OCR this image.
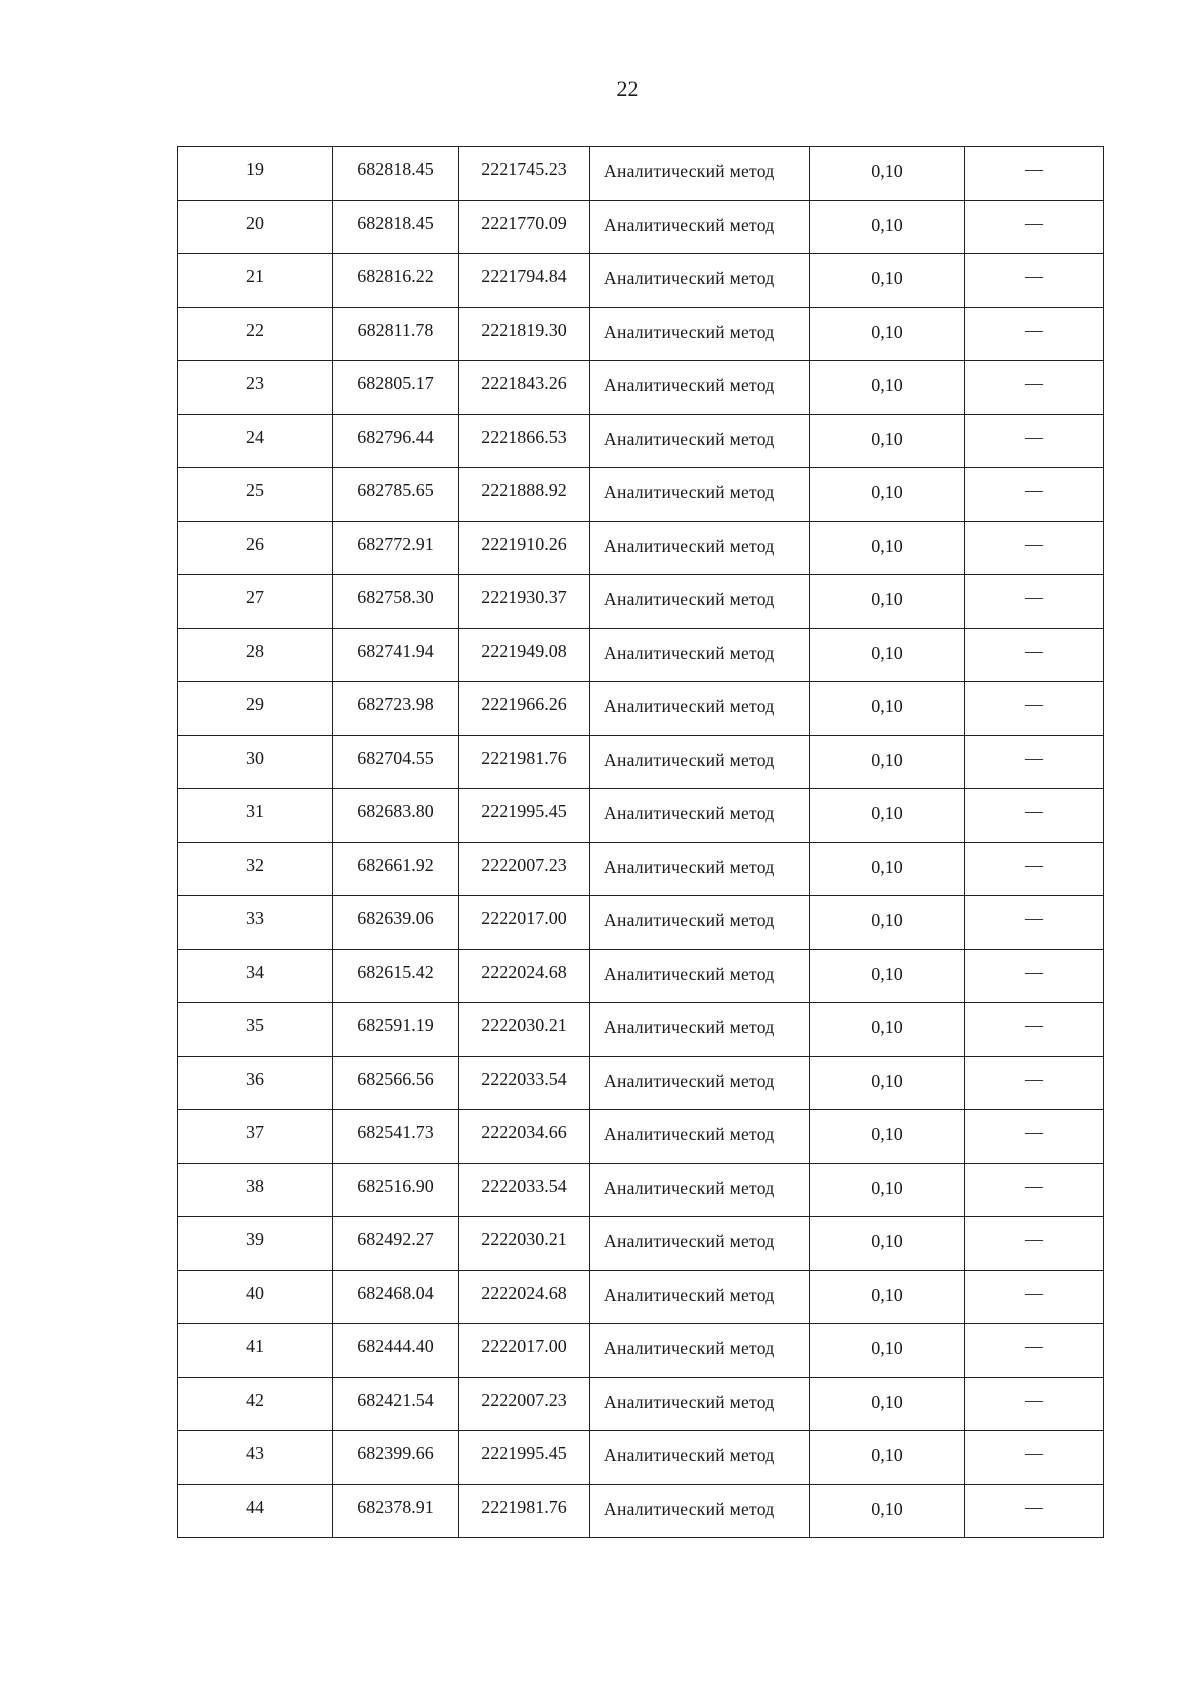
22
19	682818.45	2221745.23	Аналитический метод	0,10	—
20	682818.45	2221770.09	Аналитический метод	0,10	—
21	682816.22	2221794.84	Аналитический метод	0,10	—
22	682811.78	2221819.30	Аналитический метод	0,10	—
23	682805.17	2221843.26	Аналитический метод	0,10	—
24	682796.44	2221866.53	Аналитический метод	0,10	—
25	682785.65	2221888.92	Аналитический метод	0,10	—
26	682772.91	2221910.26	Аналитический метод	0,10	—
27	682758.30	2221930.37	Аналитический метод	0,10	—
28	682741.94	2221949.08	Аналитический метод	0,10	—
29	682723.98	2221966.26	Аналитический метод	0,10	—
30	682704.55	2221981.76	Аналитический метод	0,10	—
31	682683.80	2221995.45	Аналитический метод	0,10	—
32	682661.92	2222007.23	Аналитический метод	0,10	—
33	682639.06	2222017.00	Аналитический метод	0,10	—
34	682615.42	2222024.68	Аналитический метод	0,10	—
35	682591.19	2222030.21	Аналитический метод	0,10	—
36	682566.56	2222033.54	Аналитический метод	0,10	—
37	682541.73	2222034.66	Аналитический метод	0,10	—
38	682516.90	2222033.54	Аналитический метод	0,10	—
39	682492.27	2222030.21	Аналитический метод	0,10	—
40	682468.04	2222024.68	Аналитический метод	0,10	—
41	682444.40	2222017.00	Аналитический метод	0,10	—
42	682421.54	2222007.23	Аналитический метод	0,10	—
43	682399.66	2221995.45	Аналитический метод	0,10	—
44	682378.91	2221981.76	Аналитический метод	0,10	—
